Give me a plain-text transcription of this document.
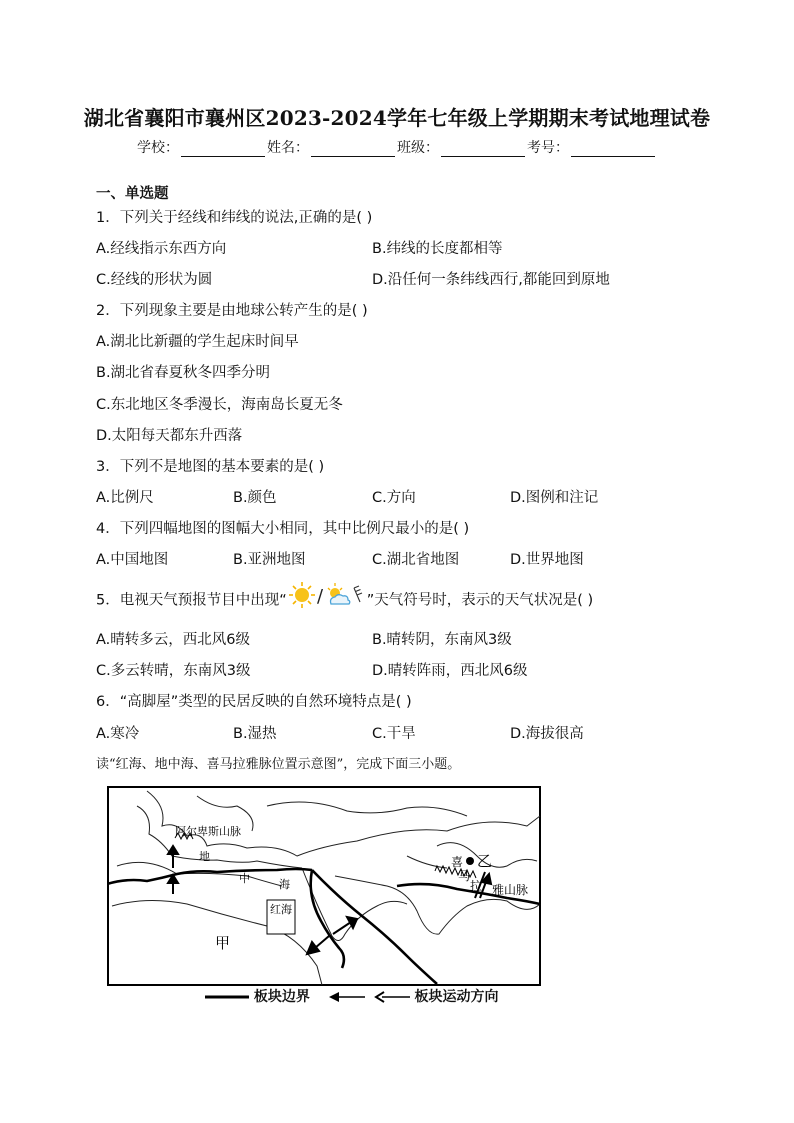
湖北省襄阳市襄州区2023-2024学年七年级上学期期末考试地理试卷
学校：	姓名：	班级：	考号：
一、单选题
1．下列关于经线和纬线的说法,正确的是( )
A.经线指示东西方向	B.纬线的长度都相等
C.经线的形状为圆	D.沿任何一条纬线西行,都能回到原地
2．下列现象主要是由地球公转产生的是( )
A.湖北比新疆的学生起床时间早
B.湖北省春夏秋冬四季分明
C.东北地区冬季漫长，海南岛长夏无冬
D.太阳每天都东升西落
3．下列不是地图的基本要素的是( )
A.比例尺	B.颜色	C.方向	D.图例和注记
4．下列四幅地图的图幅大小相同，其中比例尺最小的是( )
A.中国地图	B.亚洲地图	C.湖北省地图	D.世界地图
5．电视天气预报节目中出现“ /	”天气符号时，表示的天气状况是( )
A.晴转多云，西北风6级	B.晴转阴，东南风3级
C.多云转晴，东南风3级	D.晴转阵雨，西北风6级
6．“高脚屋”类型的民居反映的自然环境特点是( )
A.寒冷	B.湿热	C.干旱	D.海拔很高
读“红海、地中海、喜马拉雅脉位置示意图”，完成下面三小题。
阿尔卑斯山脉
地
中	海
红海
甲
乙
喜
马
拉 雅山脉
板块边界	板块运动方向
